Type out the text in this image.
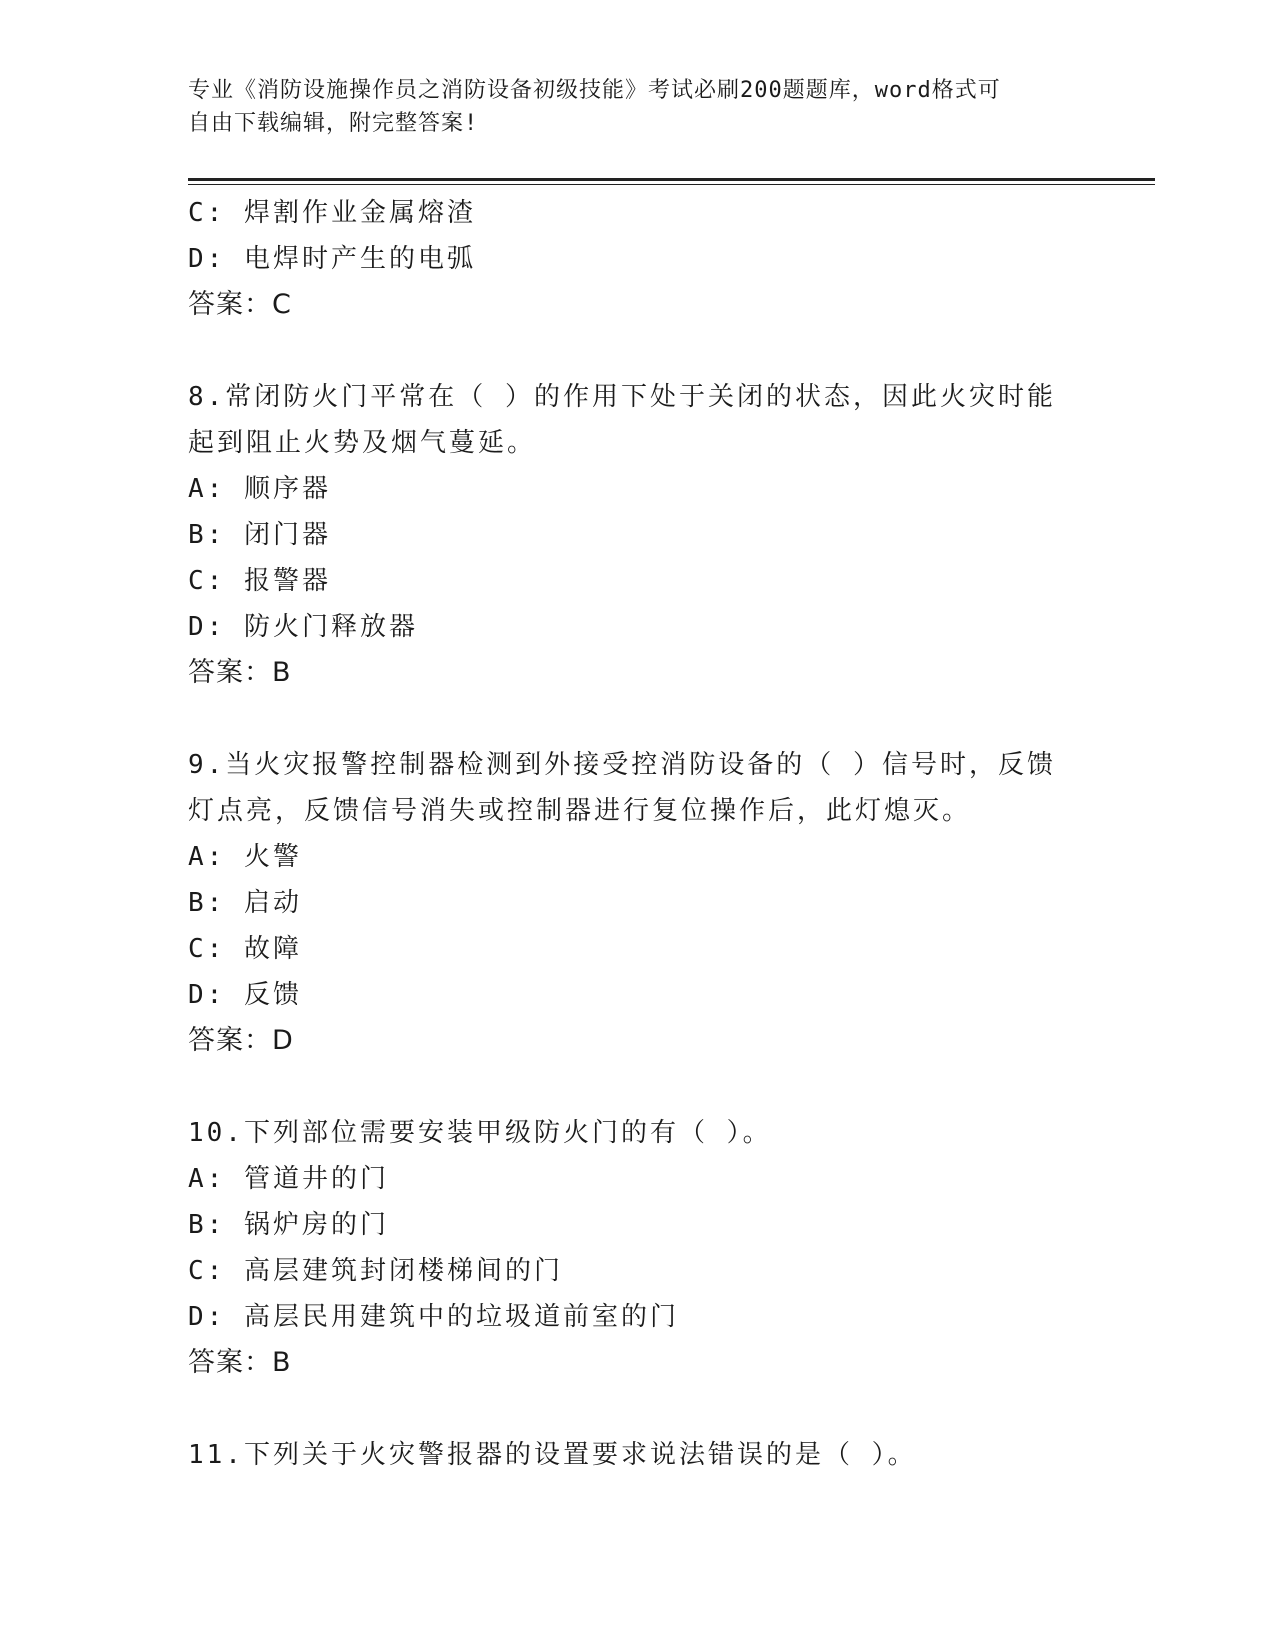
专业《消防设施操作员之消防设备初级技能》考试必刷200题题库，word格式可
自由下载编辑，附完整答案!
C: 焊割作业金属熔渣
D: 电焊时产生的电弧
答案：C
8.常闭防火门平常在（ ）的作用下处于关闭的状态，因此火灾时能
起到阻止火势及烟气蔓延。
A: 顺序器
B: 闭门器
C: 报警器
D: 防火门释放器
答案：B
9.当火灾报警控制器检测到外接受控消防设备的（ ）信号时，反馈
灯点亮，反馈信号消失或控制器进行复位操作后，此灯熄灭。
A: 火警
B: 启动
C: 故障
D: 反馈
答案：D
10.下列部位需要安装甲级防火门的有（ ）。
A: 管道井的门
B: 锅炉房的门
C: 高层建筑封闭楼梯间的门
D: 高层民用建筑中的垃圾道前室的门
答案：B
11.下列关于火灾警报器的设置要求说法错误的是（ ）。
